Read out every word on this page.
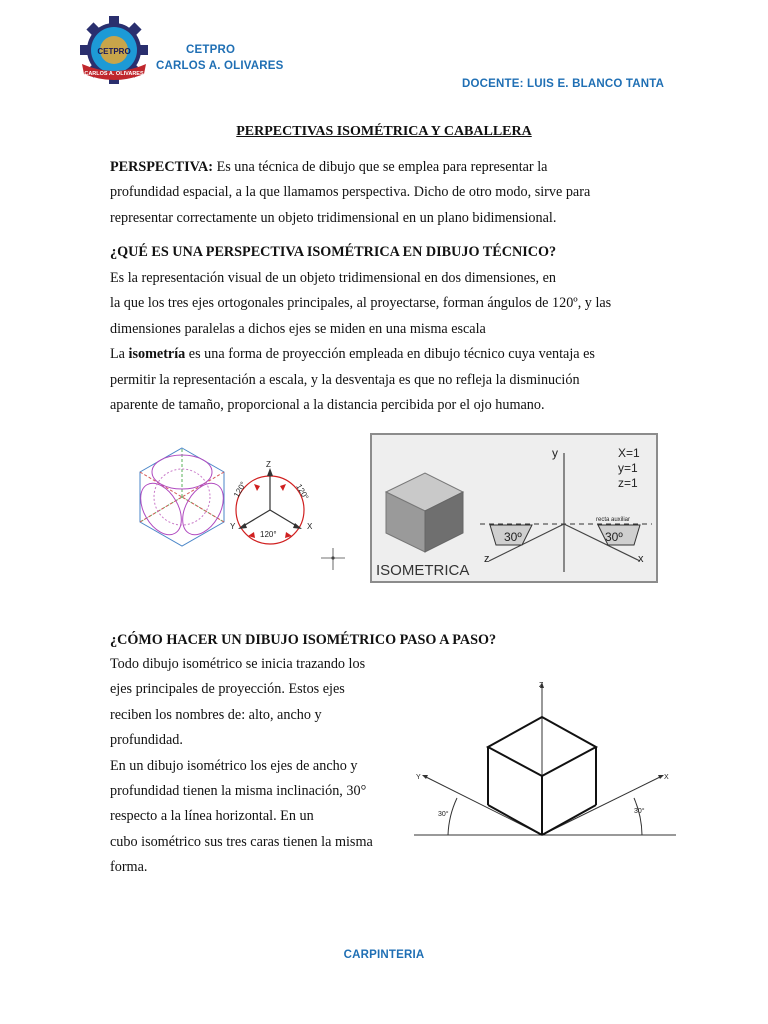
CETPRO
CARLOS A. OLIVARES
CETPRO
CARLOS A. OLIVARES
DOCENTE: LUIS E. BLANCO TANTA
PERPECTIVAS ISOMÉTRICA Y CABALLERA
PERSPECTIVA: Es una técnica de dibujo que se emplea para representar la
profundidad espacial, a la que llamamos perspectiva. Dicho de otro modo, sirve para
representar correctamente un objeto tridimensional en un plano bidimensional.
¿QUÉ ES UNA PERSPECTIVA ISOMÉTRICA EN DIBUJO TÉCNICO?
Es la representación visual de un objeto tridimensional en dos dimensiones, en
la que los tres ejes ortogonales principales, al proyectarse, forman ángulos de 120º, y las
dimensiones paralelas a dichos ejes se miden en una misma escala
La isometría es una forma de proyección empleada en dibujo técnico cuya ventaja es
permitir la representación a escala, y la desventaja es que no refleja la disminución
aparente de tamaño, proporcional a la distancia percibida por el ojo humano.
Z
Y	X
120°	120°
120°	30º	30º
y
z	x
X=1
y=1
z=1
recta auxiliar
ISOMETRICA
¿CÓMO HACER UN DIBUJO ISOMÉTRICO PASO A PASO?
Todo dibujo isométrico se inicia trazando los
ejes principales de proyección. Estos ejes
reciben los nombres de: alto, ancho y
profundidad.
En un dibujo isométrico los ejes de ancho y
profundidad tienen la misma inclinación, 30°
respecto a la línea horizontal. En un
cubo isométrico sus tres caras tienen la misma
forma.
Z
Y	X
30°	30°
CARPINTERIA
